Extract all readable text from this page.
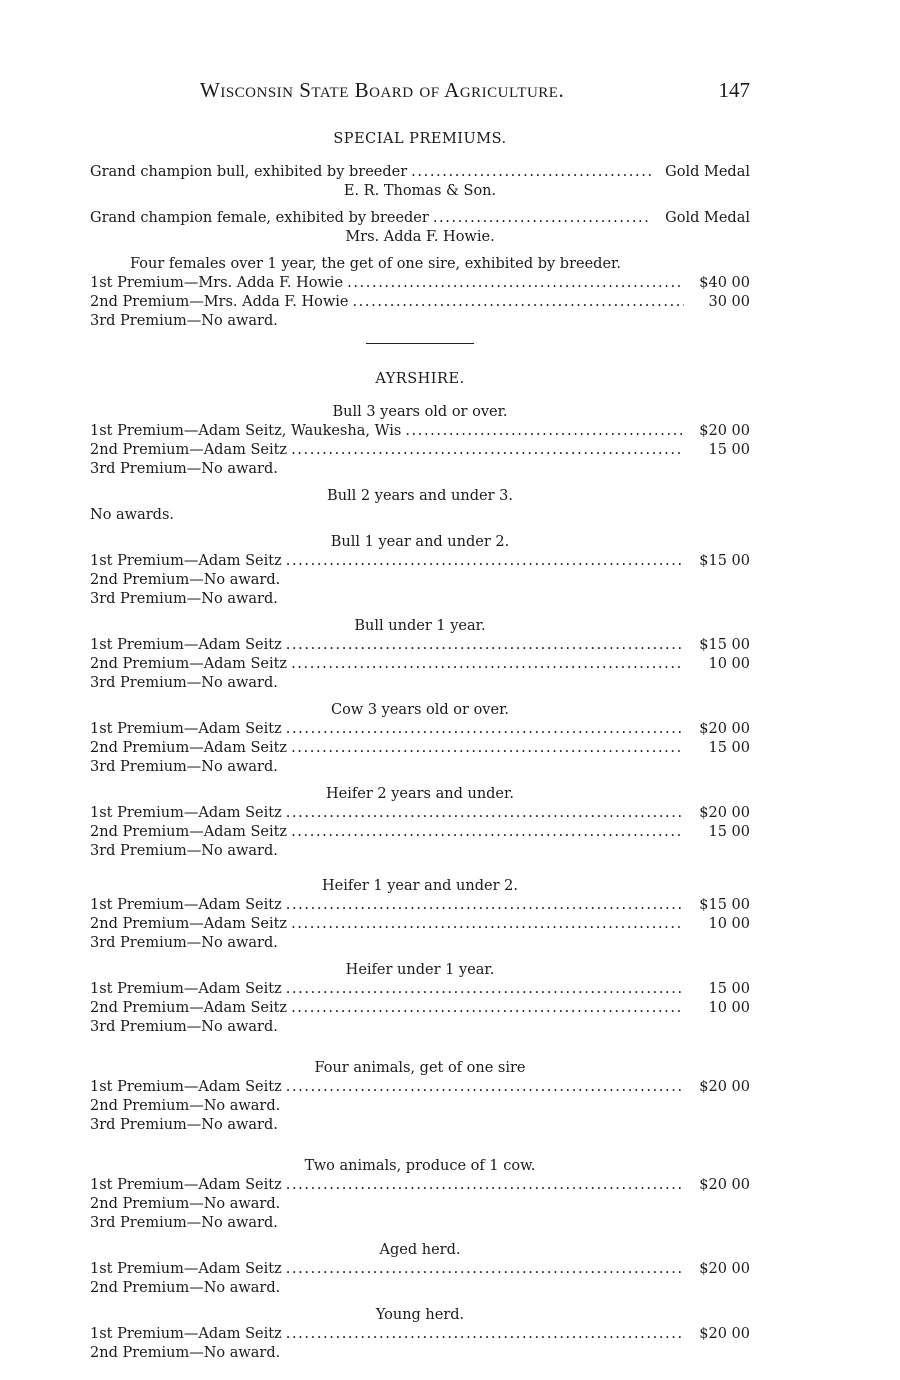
Wisconsin State Board of Agriculture.	147
SPECIAL PREMIUMS.
Grand champion bull, exhibited by breeder . . .	Gold Medal
E. R. Thomas & Son.
Grand champion female, exhibited by breeder . . .	Gold Medal
Mrs. Adda F. Howie.
Four females over 1 year, the get of one sire, exhibited by breeder.
1st Premium—Mrs. Adda F. Howie . . .	$40 00
2nd Premium—Mrs. Adda F. Howie . . .	30 00
3rd Premium—No award.
AYRSHIRE.
Bull 3 years old or over.
1st Premium—Adam Seitz, Waukesha, Wis . . .	$20 00
2nd Premium—Adam Seitz . . .	15 00
3rd Premium—No award.
Bull 2 years and under 3.
No awards.
Bull 1 year and under 2.
1st Premium—Adam Seitz . . .	$15 00
2nd Premium—No award.
3rd Premium—No award.
Bull under 1 year.
1st Premium—Adam Seitz . . .	$15 00
2nd Premium—Adam Seitz . . .	10 00
3rd Premium—No award.
Cow 3 years old or over.
1st Premium—Adam Seitz . . .	$20 00
2nd Premium—Adam Seitz . . .	15 00
3rd Premium—No award.
Heifer 2 years and under.
1st Premium—Adam Seitz . . .	$20 00
2nd Premium—Adam Seitz . . .	15 00
3rd Premium—No award.
Heifer 1 year and under 2.
1st Premium—Adam Seitz . . .	$15 00
2nd Premium—Adam Seitz . . .	10 00
3rd Premium—No award.
Heifer under 1 year.
1st Premium—Adam Seitz . . .	15 00
2nd Premium—Adam Seitz . . .	10 00
3rd Premium—No award.
Four animals, get of one sire
1st Premium—Adam Seitz . . .	$20 00
2nd Premium—No award.
3rd Premium—No award.
Two animals, produce of 1 cow.
1st Premium—Adam Seitz . . .	$20 00
2nd Premium—No award.
3rd Premium—No award.
Aged herd.
1st Premium—Adam Seitz . . .	$20 00
2nd Premium—No award.
Young herd.
1st Premium—Adam Seitz . . .	$20 00
2nd Premium—No award.
